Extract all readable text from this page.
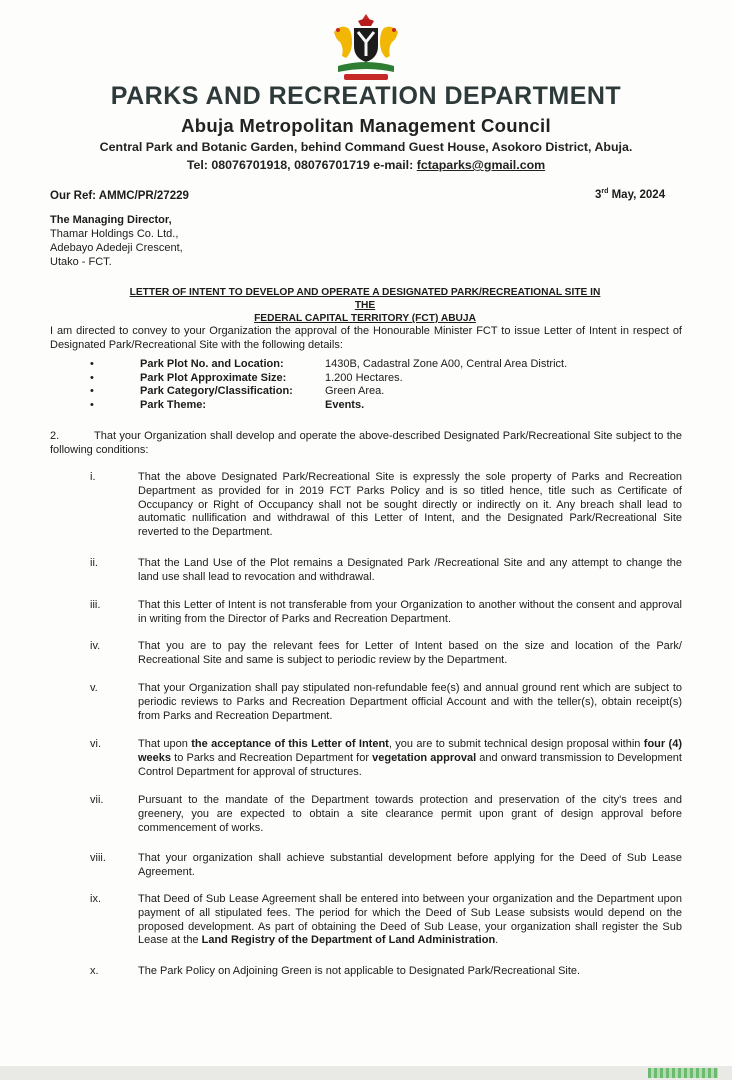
PARKS AND RECREATION DEPARTMENT
Abuja Metropolitan Management Council
Central Park and Botanic Garden, behind Command Guest House, Asokoro District, Abuja.
Tel: 08076701918, 08076701719 e-mail: fctaparks@gmail.com
Our Ref: AMMC/PR/27229	3rd May, 2024
The Managing Director,
Thamar Holdings Co. Ltd.,
Adebayo Adedeji Crescent,
Utako - FCT.
LETTER OF INTENT TO DEVELOP AND OPERATE A DESIGNATED PARK/RECREATIONAL SITE IN THE
FEDERAL CAPITAL TERRITORY (FCT) ABUJA
I am directed to convey to your Organization the approval of the Honourable Minister FCT to issue Letter of Intent in respect of Designated Park/Recreational Site with the following details:
•	Park Plot No. and Location:	1430B, Cadastral Zone A00, Central Area District.
•	Park Plot Approximate Size:	1.200 Hectares.
•	Park Category/Classification:	Green Area.
•	Park Theme:	Events.
2.	That your Organization shall develop and operate the above-described Designated Park/Recreational Site subject to the following conditions:
i.	That the above Designated Park/Recreational Site is expressly the sole property of Parks and Recreation Department as provided for in 2019 FCT Parks Policy and is so titled hence, title such as Certificate of Occupancy or Right of Occupancy shall not be sought directly or indirectly on it. Any breach shall lead to automatic nullification and withdrawal of this Letter of Intent, and the Designated Park/Recreational Site reverted to the Department.
ii.	That the Land Use of the Plot remains a Designated Park /Recreational Site and any attempt to change the land use shall lead to revocation and withdrawal.
iii.	That this Letter of Intent is not transferable from your Organization to another without the consent and approval in writing from the Director of Parks and Recreation Department.
iv.	That you are to pay the relevant fees for Letter of Intent based on the size and location of the Park/ Recreational Site and same is subject to periodic review by the Department.
v.	That your Organization shall pay stipulated non-refundable fee(s) and annual ground rent which are subject to periodic reviews to Parks and Recreation Department official Account and with the teller(s), obtain receipt(s) from Parks and Recreation Department.
vi.	That upon the acceptance of this Letter of Intent, you are to submit technical design proposal within four (4) weeks to Parks and Recreation Department for vegetation approval and onward transmission to Development Control Department for approval of structures.
vii.	Pursuant to the mandate of the Department towards protection and preservation of the city's trees and greenery, you are expected to obtain a site clearance permit upon grant of design approval before commencement of works.
viii.	That your organization shall achieve substantial development before applying for the Deed of Sub Lease Agreement.
ix.	That Deed of Sub Lease Agreement shall be entered into between your organization and the Department upon payment of all stipulated fees. The period for which the Deed of Sub Lease subsists would depend on the proposed development. As part of obtaining the Deed of Sub Lease, your organization shall register the Sub Lease at the Land Registry of the Department of Land Administration.
x.	The Park Policy on Adjoining Green is not applicable to Designated Park/Recreational Site.
